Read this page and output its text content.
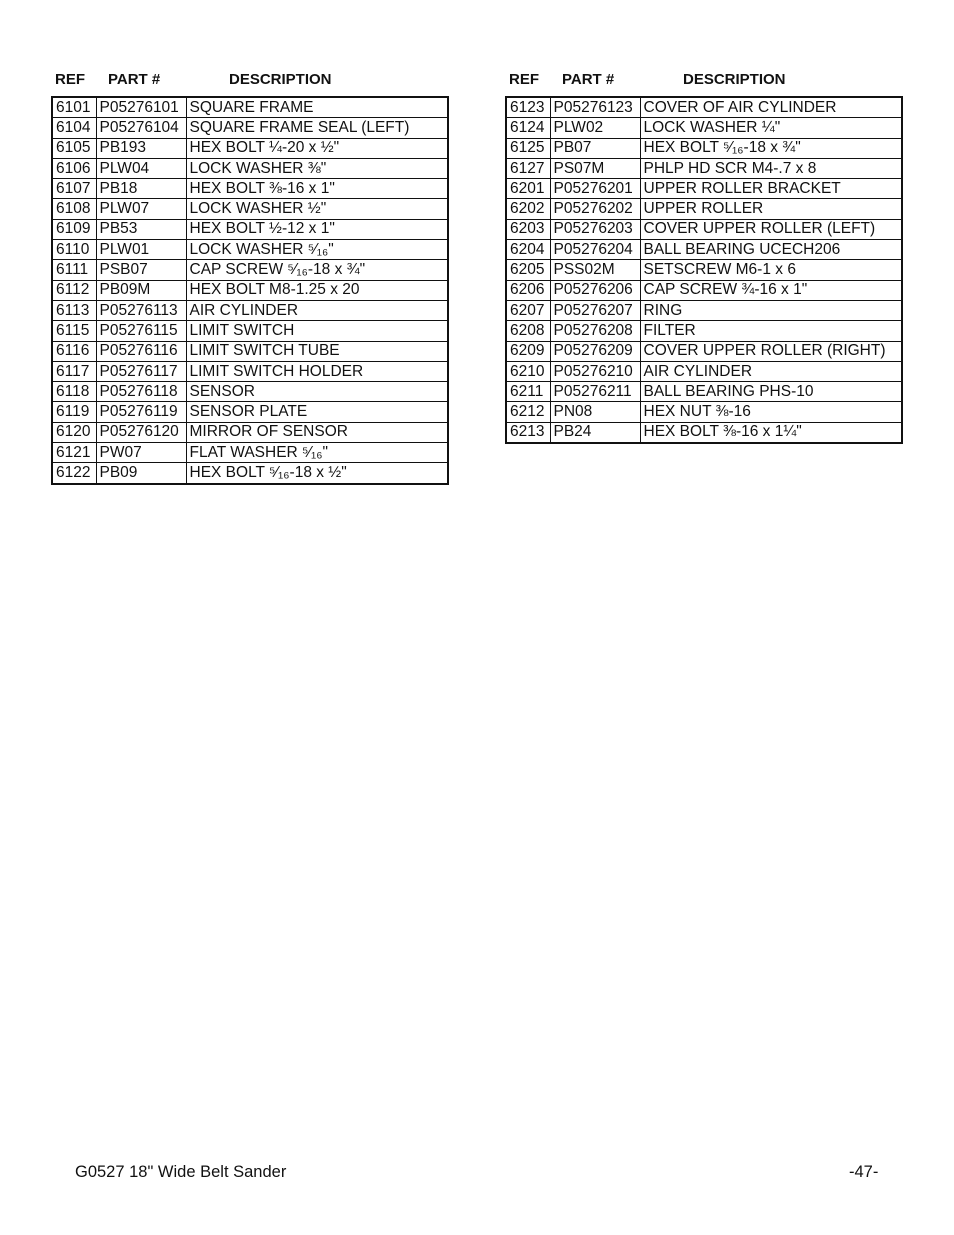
REF PART #	DESCRIPTION
6101	P05276101	SQUARE FRAME
6104	P05276104	SQUARE FRAME SEAL (LEFT)
6105	PB193	HEX BOLT ¼-20 x ½"
6106	PLW04	LOCK WASHER ⅜"
6107	PB18	HEX BOLT ⅜-16 x 1"
6108	PLW07	LOCK WASHER ½"
6109	PB53	HEX BOLT ½-12 x 1"
6110	PLW01	LOCK WASHER ⁵⁄₁₆"
6111	PSB07	CAP SCREW ⁵⁄₁₆-18 x ¾"
6112	PB09M	HEX BOLT M8-1.25 x 20
6113	P05276113	AIR CYLINDER
6115	P05276115	LIMIT SWITCH
6116	P05276116	LIMIT SWITCH TUBE
6117	P05276117	LIMIT SWITCH HOLDER
6118	P05276118	SENSOR
6119	P05276119	SENSOR PLATE
6120	P05276120	MIRROR OF SENSOR
6121	PW07	FLAT WASHER ⁵⁄₁₆"
6122	PB09	HEX BOLT ⁵⁄₁₆-18 x ½"
REF PART #	DESCRIPTION
6123	P05276123	COVER OF AIR CYLINDER
6124	PLW02	LOCK WASHER ¼"
6125	PB07	HEX BOLT ⁵⁄₁₆-18 x ¾"
6127	PS07M	PHLP HD SCR M4-.7 x 8
6201	P05276201	UPPER ROLLER BRACKET
6202	P05276202	UPPER ROLLER
6203	P05276203	COVER UPPER ROLLER (LEFT)
6204	P05276204	BALL BEARING UCECH206
6205	PSS02M	SETSCREW M6-1 x 6
6206	P05276206	CAP SCREW ¾-16 x 1"
6207	P05276207	RING
6208	P05276208	FILTER
6209	P05276209	COVER UPPER ROLLER (RIGHT)
6210	P05276210	AIR CYLINDER
6211	P05276211	BALL BEARING PHS-10
6212	PN08	HEX NUT ⅜-16
6213	PB24	HEX BOLT ⅜-16 x 1¼"
G0527 18" Wide Belt Sander	-47-
